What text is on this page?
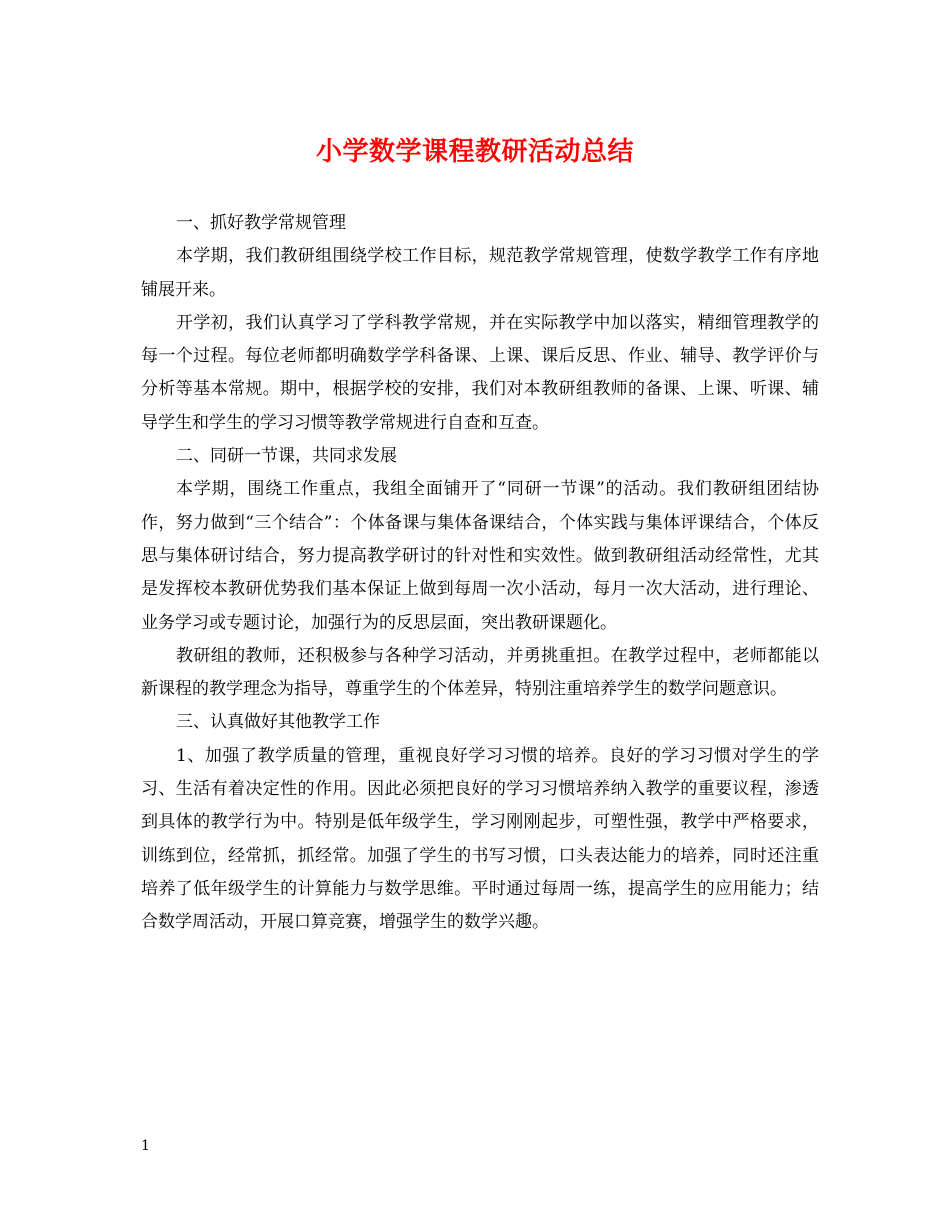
小学数学课程教研活动总结

一、抓好教学常规管理

本学期，我们教研组围绕学校工作目标，规范教学常规管理，使数学教学工作有序地铺展开来。

开学初，我们认真学习了学科教学常规，并在实际教学中加以落实，精细管理教学的每一个过程。每位老师都明确数学学科备课、上课、课后反思、作业、辅导、教学评价与分析等基本常规。期中，根据学校的安排，我们对本教研组教师的备课、上课、听课、辅导学生和学生的学习习惯等教学常规进行自查和互查。

二、同研一节课，共同求发展

本学期，围绕工作重点，我组全面铺开了“同研一节课”的活动。我们教研组团结协作，努力做到“三个结合”：个体备课与集体备课结合，个体实践与集体评课结合，个体反思与集体研讨结合，努力提高教学研讨的针对性和实效性。做到教研组活动经常性，尤其是发挥校本教研优势我们基本保证上做到每周一次小活动，每月一次大活动，进行理论、业务学习或专题讨论，加强行为的反思层面，突出教研课题化。

教研组的教师，还积极参与各种学习活动，并勇挑重担。在教学过程中，老师都能以新课程的教学理念为指导，尊重学生的个体差异，特别注重培养学生的数学问题意识。

三、认真做好其他教学工作

1、加强了教学质量的管理，重视良好学习习惯的培养。良好的学习习惯对学生的学习、生活有着决定性的作用。因此必须把良好的学习习惯培养纳入教学的重要议程，渗透到具体的教学行为中。特别是低年级学生，学习刚刚起步，可塑性强，教学中严格要求，训练到位，经常抓，抓经常。加强了学生的书写习惯，口头表达能力的培养，同时还注重培养了低年级学生的计算能力与数学思维。平时通过每周一练，提高学生的应用能力；结合数学周活动，开展口算竞赛，增强学生的数学兴趣。

1
